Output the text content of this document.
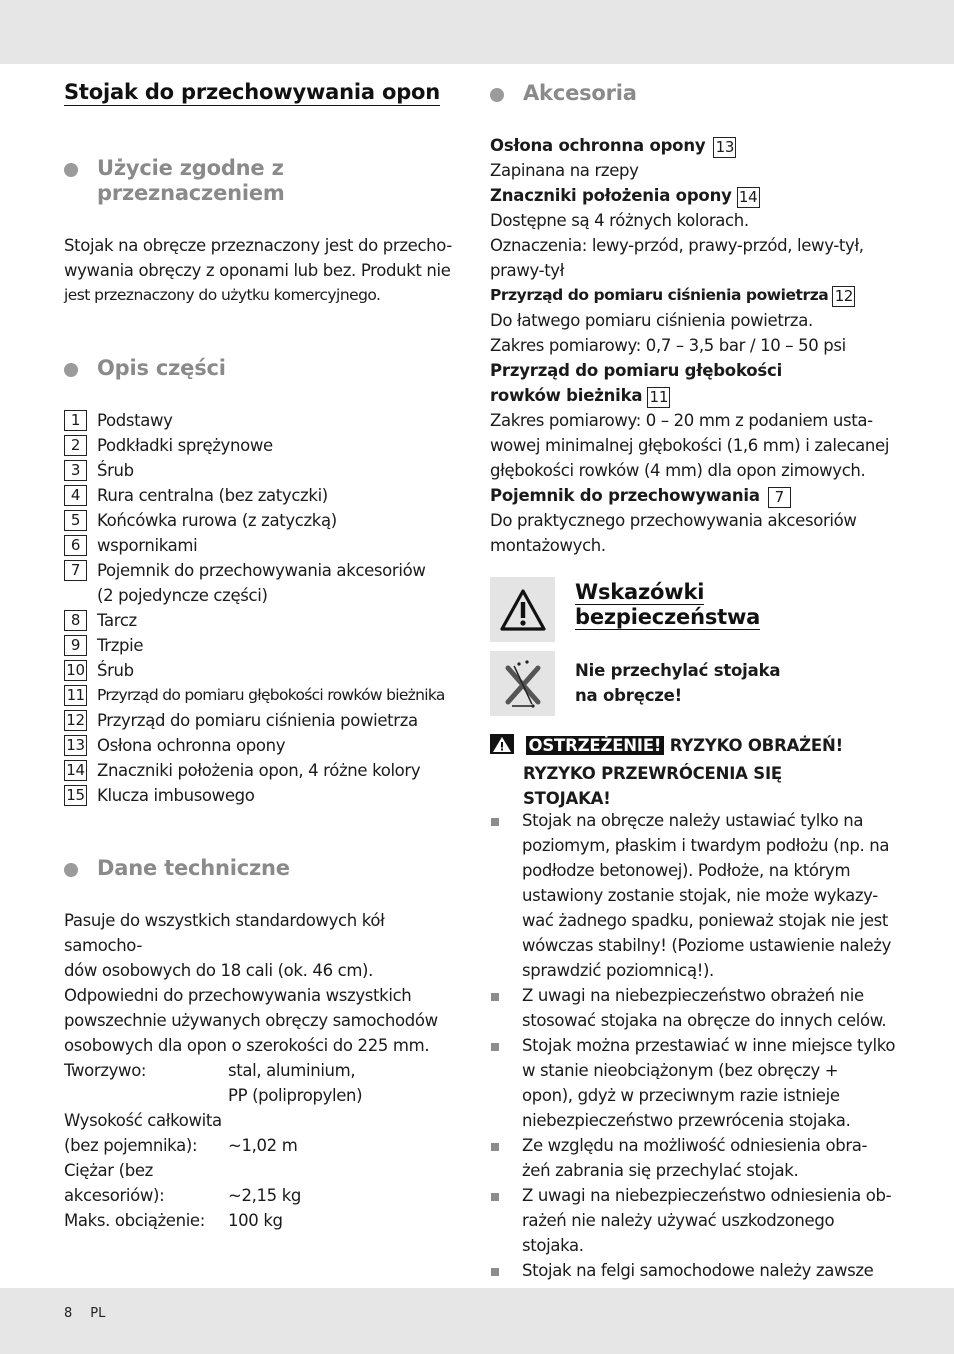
Stojak do przechowywania opon
Użycie zgodne z
przeznaczeniem
Stojak na obręcze przeznaczony jest do przecho-
wywania obręczy z oponami lub bez. Produkt nie
jest przeznaczony do użytku komercyjnego.
Opis części
1	Podstawy
2	Podkładki sprężynowe
3	Śrub
4	Rura centralna (bez zatyczki)
5	Końcówka rurowa (z zatyczką)
6	wspornikami
7	Pojemnik do przechowywania akcesoriów
(2 pojedyncze części)
8	Tarcz
9	Trzpie
10 Śrub
11 Przyrząd do pomiaru głębokości rowków bieżnika
12 Przyrząd do pomiaru ciśnienia powietrza
13 Osłona ochronna opony
14 Znaczniki położenia opon, 4 różne kolory
15 Klucza imbusowego
Dane techniczne
Pasuje do wszystkich standardowych kół samocho-
dów osobowych do 18 cali (ok. 46 cm).
Odpowiedni do przechowywania wszystkich
powszechnie używanych obręczy samochodów
osobowych dla opon o szerokości do 225 mm.
Tworzywo:	stal, aluminium,
PP (polipropylen)
Wysokość całkowita
(bez pojemnika):	~1,02 m
Ciężar (bez
akcesoriów):	~2,15 kg
Maks. obciążenie:	100 kg
Akcesoria
Osłona ochronna opony 13
Zapinana na rzepy
Znaczniki położenia opony 14
Dostępne są 4 różnych kolorach.
Oznaczenia: lewy-przód, prawy-przód, lewy-tył,
prawy-tył
Przyrząd do pomiaru ciśnienia powietrza 12
Do łatwego pomiaru ciśnienia powietrza.
Zakres pomiarowy: 0,7 – 3,5 bar / 10 – 50 psi
Przyrząd do pomiaru głębokości
rowków bieżnika 11
Zakres pomiarowy: 0 – 20 mm z podaniem usta-
wowej minimalnej głębokości (1,6 mm) i zalecanej
głębokości rowków (4 mm) dla opon zimowych.
Pojemnik do przechowywania 7
Do praktycznego przechowywania akcesoriów
montażowych.
Wskazówki
bezpieczeństwa
Nie przechylać stojaka
na obręcze!
OSTRZEŻENIE! RYZYKO OBRAŻEŃ!
RYZYKO PRZEWRÓCENIA SIĘ
STOJAKA!
Stojak na obręcze należy ustawiać tylko na
poziomym, płaskim i twardym podłożu (np. na
podłodze betonowej). Podłoże, na którym
ustawiony zostanie stojak, nie może wykazy-
wać żadnego spadku, ponieważ stojak nie jest
wówczas stabilny! (Poziome ustawienie należy
sprawdzić poziomnicą!).
Z uwagi na niebezpieczeństwo obrażeń nie
stosować stojaka na obręcze do innych celów.
Stojak można przestawiać w inne miejsce tylko
w stanie nieobciążonym (bez obręczy +
opon), gdyż w przeciwnym razie istnieje
niebezpieczeństwo przewrócenia stojaka.
Ze względu na możliwość odniesienia obra-
żeń zabrania się przechylać stojak.
Z uwagi na niebezpieczeństwo odniesienia ob-
rażeń nie należy używać uszkodzonego stojaka.
Stojak na felgi samochodowe należy zawsze
8 PL
